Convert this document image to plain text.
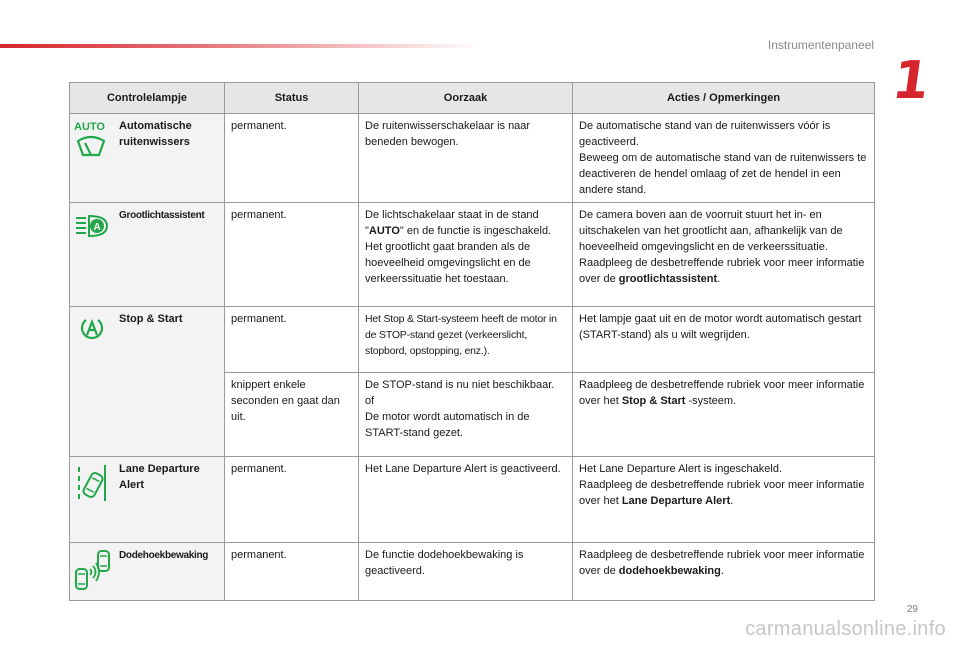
Instrumentenpaneel
1
Controlelampje		Status	Oorzaak	Acties / Opmerkingen

AUTO	Automatische ruitenwissers	permanent.	De ruitenwisserschakelaar is naar beneden bewogen.	De automatische stand van de ruitenwissers vóór is geactiveerd.
Beweeg om de automatische stand van de ruitenwissers te deactiveren de hendel omlaag of zet de hendel in een andere stand.

A	Grootlichtassistent	permanent.	De lichtschakelaar staat in de stand "AUTO" en de functie is ingeschakeld.
Het grootlicht gaat branden als de hoeveelheid omgevingslicht en de verkeerssituatie het toestaan.	De camera boven aan de voorruit stuurt het in- en uitschakelen van het grootlicht aan, afhankelijk van de hoeveelheid omgevingslicht en de verkeerssituatie.
Raadpleeg de desbetreffende rubriek voor meer informatie over de grootlichtassistent.

	Stop & Start	permanent.	Het Stop & Start-systeem heeft de motor in de STOP-stand gezet (verkeerslicht, stopbord, opstopping, enz.).	Het lampje gaat uit en de motor wordt automatisch gestart (START-stand) als u wilt wegrijden.
		knippert enkele seconden en gaat dan uit.	De STOP-stand is nu niet beschikbaar.
of
De motor wordt automatisch in de START-stand gezet.	Raadpleeg de desbetreffende rubriek voor meer informatie over het Stop & Start -systeem.

	Lane Departure Alert	permanent.	Het Lane Departure Alert is geactiveerd.	Het Lane Departure Alert is ingeschakeld.
Raadpleeg de desbetreffende rubriek voor meer informatie over het Lane Departure Alert.

	Dodehoekbewaking	permanent.	De functie dodehoekbewaking is geactiveerd.	Raadpleeg de desbetreffende rubriek voor meer informatie over de dodehoekbewaking.
29
carmanualsonline.info
